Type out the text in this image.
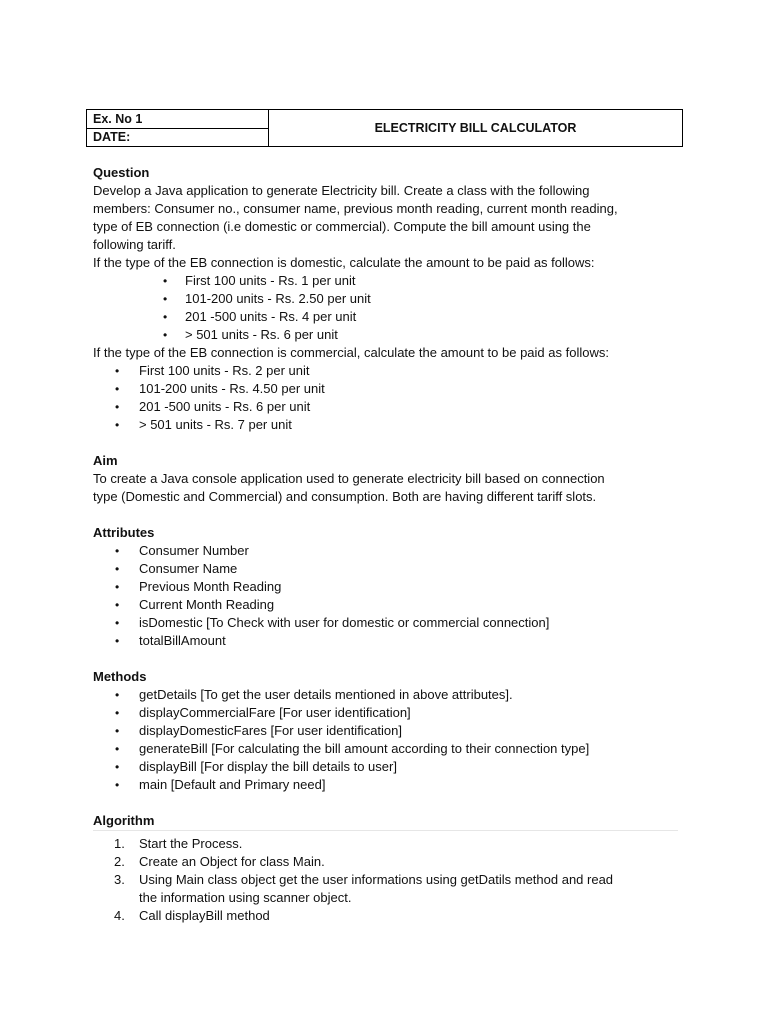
Ex. No 1
DATE:
ELECTRICITY BILL CALCULATOR
Question

Develop a Java application to generate Electricity bill. Create a class with the following

members: Consumer no., consumer name, previous month reading, current month reading,

type of EB connection (i.e domestic or commercial). Compute the bill amount using the

following tariff.

If the type of the EB connection is domestic, calculate the amount to be paid as follows:

• First 100 units - Rs. 1 per unit
• 101-200 units - Rs. 2.50 per unit
• 201 -500 units - Rs. 4 per unit
• > 501 units - Rs. 6 per unit

If the type of the EB connection is commercial, calculate the amount to be paid as follows:

• First 100 units - Rs. 2 per unit
• 101-200 units - Rs. 4.50 per unit
• 201 -500 units - Rs. 6 per unit
• > 501 units - Rs. 7 per unit
Aim

To create a Java console application used to generate electricity bill based on connection

type (Domestic and Commercial) and consumption. Both are having different tariff slots.

Attributes
• Consumer Number
• Consumer Name
• Previous Month Reading
• Current Month Reading
• isDomestic [To Check with user for domestic or commercial connection]
• totalBillAmount
Methods
• getDetails [To get the user details mentioned in above attributes].
• displayCommercialFare [For user identification]
• displayDomesticFares [For user identification]
• generateBill [For calculating the bill amount according to their connection type]
• displayBill [For display the bill details to user]
• main [Default and Primary need]
Algorithm
1. Start the Process.
2. Create an Object for class Main.
3. Using Main class object get the user informations using getDatils method and read
the information using scanner object.
4. Call displayBill method
